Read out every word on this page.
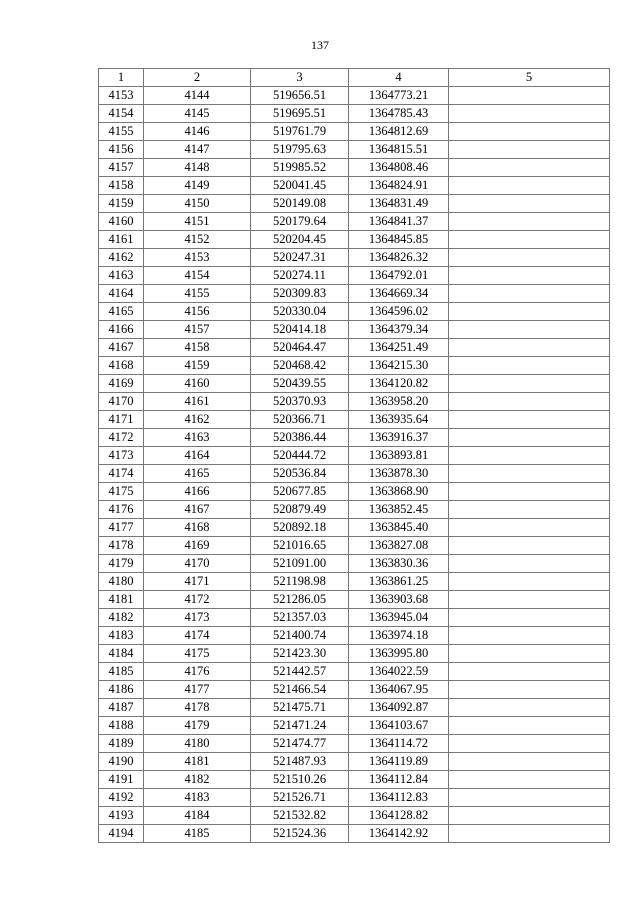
137
1	2	3	4	5
4153	4144	519656.51	1364773.21	
4154	4145	519695.51	1364785.43	
4155	4146	519761.79	1364812.69	
4156	4147	519795.63	1364815.51	
4157	4148	519985.52	1364808.46	
4158	4149	520041.45	1364824.91	
4159	4150	520149.08	1364831.49	
4160	4151	520179.64	1364841.37	
4161	4152	520204.45	1364845.85	
4162	4153	520247.31	1364826.32	
4163	4154	520274.11	1364792.01	
4164	4155	520309.83	1364669.34	
4165	4156	520330.04	1364596.02	
4166	4157	520414.18	1364379.34	
4167	4158	520464.47	1364251.49	
4168	4159	520468.42	1364215.30	
4169	4160	520439.55	1364120.82	
4170	4161	520370.93	1363958.20	
4171	4162	520366.71	1363935.64	
4172	4163	520386.44	1363916.37	
4173	4164	520444.72	1363893.81	
4174	4165	520536.84	1363878.30	
4175	4166	520677.85	1363868.90	
4176	4167	520879.49	1363852.45	
4177	4168	520892.18	1363845.40	
4178	4169	521016.65	1363827.08	
4179	4170	521091.00	1363830.36	
4180	4171	521198.98	1363861.25	
4181	4172	521286.05	1363903.68	
4182	4173	521357.03	1363945.04	
4183	4174	521400.74	1363974.18	
4184	4175	521423.30	1363995.80	
4185	4176	521442.57	1364022.59	
4186	4177	521466.54	1364067.95	
4187	4178	521475.71	1364092.87	
4188	4179	521471.24	1364103.67	
4189	4180	521474.77	1364114.72	
4190	4181	521487.93	1364119.89	
4191	4182	521510.26	1364112.84	
4192	4183	521526.71	1364112.83	
4193	4184	521532.82	1364128.82	
4194	4185	521524.36	1364142.92	
